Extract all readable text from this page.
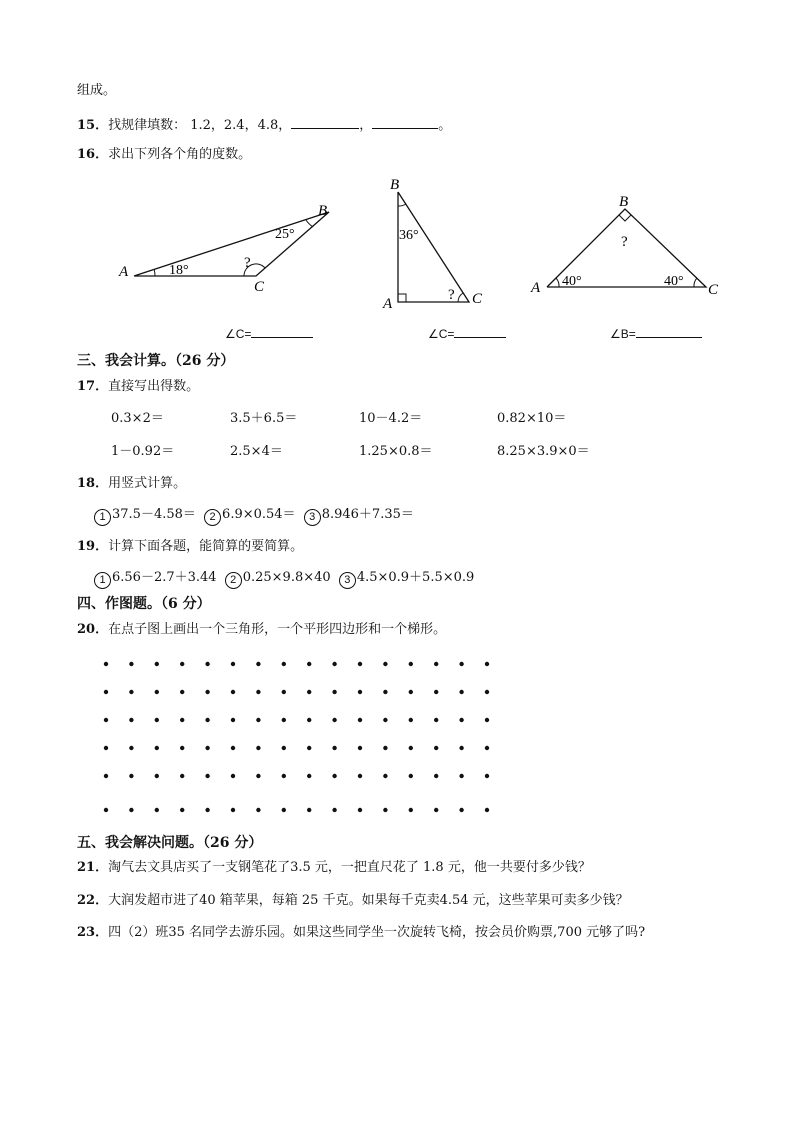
组成。
15．找规律填数： 1.2，2.4，4.8，	，	。
16．求出下列各个角的度数。
A
B
C
18°
25°
?
B
A	C
36°
?
B
A	C
40°	40°
?
∠C=	∠C=	∠B=
三、我会计算。（26 分）
17．直接写出得数。
0.3×2＝	3.5＋6.5＝	10－4.2＝	0.82×10＝
1－0.92＝	2.5×4＝	1.25×0.8＝	8.25×3.9×0＝
18．用竖式计算。
1 37.5－4.58＝ 2 6.9×0.54＝ 3 8.946＋7.35＝
19．计算下面各题，能简算的要简算。
1 6.56－2.7＋3.44 2 0.25×9.8×40 3 4.5×0.9＋5.5×0.9
四、作图题。（6 分）
20．在点子图上画出一个三角形，一个平形四边形和一个梯形。
五、我会解决问题。（26 分）
21．淘气去文具店买了一支钢笔花了3.5 元，一把直尺花了 1.8 元，他一共要付多少钱？
22．大润发超市进了40 箱苹果，每箱 25 千克。如果每千克卖4.54 元，这些苹果可卖多少钱？
23．四（2）班35 名同学去游乐园。如果这些同学坐一次旋转飞椅，按会员价购票,700 元够了吗?
